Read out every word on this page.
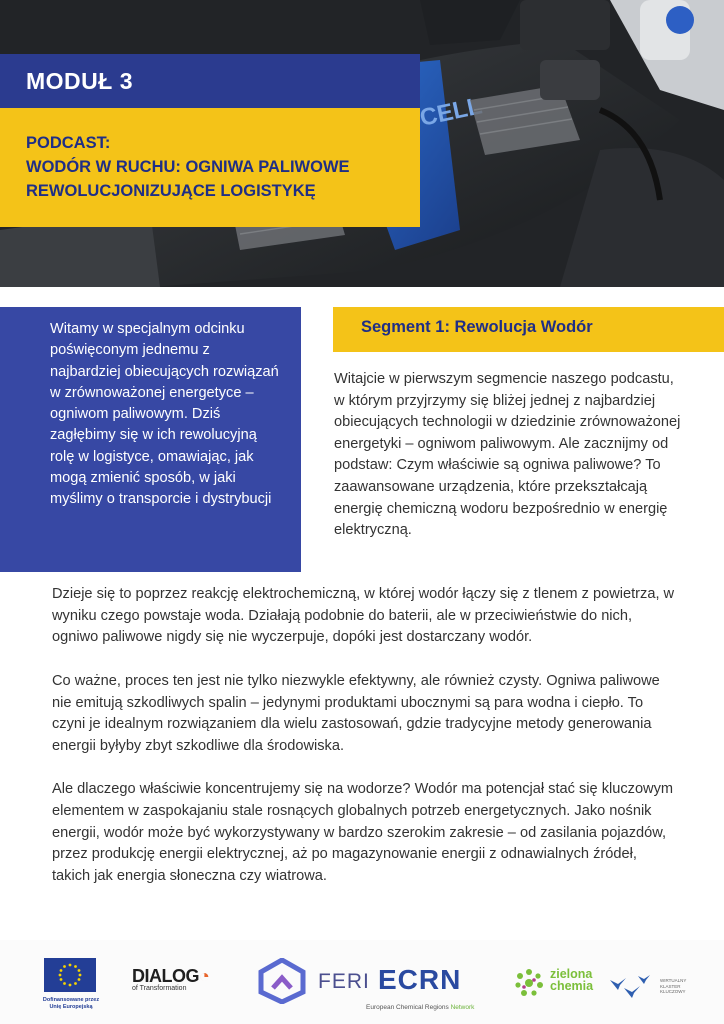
CELL
MODUŁ 3
PODCAST:
WODÓR W RUCHU: OGNIWA PALIWOWE
REWOLUCJONIZUJĄCE LOGISTYKĘ

Witamy w specjalnym odcinku poświęconym jednemu z najbardziej obiecujących rozwiązań w zrównoważonej energetyce – ogniwom paliwowym. Dziś zagłębimy się w ich rewolucyjną rolę w logistyce, omawiając, jak mogą zmienić sposób, w jaki myślimy o transporcie i dystrybucji

Segment 1: Rewolucja Wodór

Witajcie w pierwszym segmencie naszego podcastu, w którym przyjrzymy się bliżej jednej z najbardziej obiecujących technologii w dziedzinie zrównoważonej energetyki – ogniwom paliwowym. Ale zacznijmy od podstaw: Czym właściwie są ogniwa paliwowe? To zaawansowane urządzenia, które przekształcają energię chemiczną wodoru bezpośrednio w energię elektryczną.

Dzieje się to poprzez reakcję elektrochemiczną, w której wodór łączy się z tlenem z powietrza, w wyniku czego powstaje woda. Działają podobnie do baterii, ale w przeciwieństwie do nich, ogniwo paliwowe nigdy się nie wyczerpuje, dopóki jest dostarczany wodór.

Co ważne, proces ten jest nie tylko niezwykle efektywny, ale również czysty. Ogniwa paliwowe nie emitują szkodliwych spalin – jedynymi produktami ubocznymi są para wodna i ciepło. To czyni je idealnym rozwiązaniem dla wielu zastosowań, gdzie tradycyjne metody generowania energii byłyby zbyt szkodliwe dla środowiska.

Ale dlaczego właściwie koncentrujemy się na wodorze? Wodór ma potencjał stać się kluczowym elementem w zaspokajaniu stale rosnących globalnych potrzeb energetycznych. Jako nośnik energii, wodór może być wykorzystywany w bardzo szerokim zakresie – od zasilania pojazdów, przez produkcję energii elektrycznej, aż po magazynowanie energii z odnawialnych źródeł, takich jak energia słoneczna czy wiatrowa.

Dofinansowane przez
Unię Europejską
DIALOG◔
of Transformation	FERI ECRN
European Chemical Regions Network
zielona
chemia	WIRTUALNY
KLASTER
KLUCZOWY
